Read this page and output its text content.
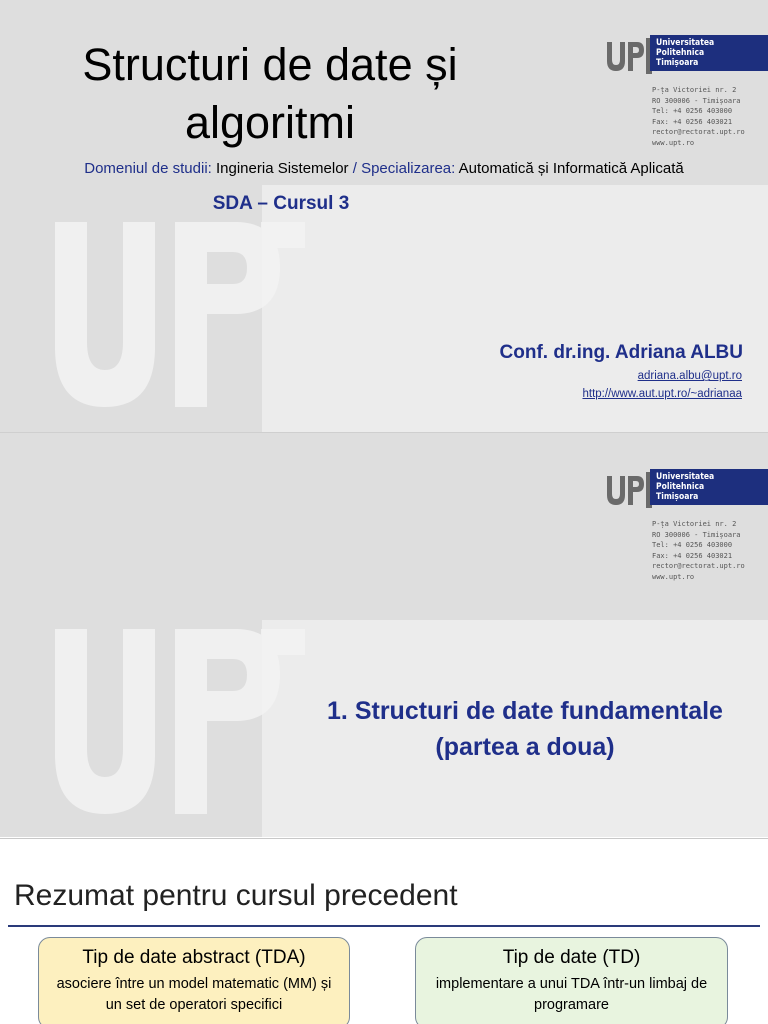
Structuri de date și algoritmi
Universitatea
Politehnica
Timișoara
P-ța Victoriei nr. 2
RO 300006 - Timișoara
Tel: +4 0256 403000
Fax: +4 0256 403021
rector@rectorat.upt.ro
www.upt.ro
Domeniul de studii: Ingineria Sistemelor / Specializarea: Automatică și Informatică Aplicată
SDA – Cursul 3
Conf. dr.ing. Adriana ALBU
adriana.albu@upt.ro
http://www.aut.upt.ro/~adrianaa
Universitatea
Politehnica
Timișoara
P-ța Victoriei nr. 2
RO 300006 - Timișoara
Tel: +4 0256 403000
Fax: +4 0256 403021
rector@rectorat.upt.ro
www.upt.ro
1. Structuri de date fundamentale
(partea a doua)
Rezumat pentru cursul precedent
Tip de date abstract (TDA)
asociere între un model matematic (MM) și un set de operatori specifici
Tip de date (TD)
implementare a unui TDA într-un limbaj de programare
